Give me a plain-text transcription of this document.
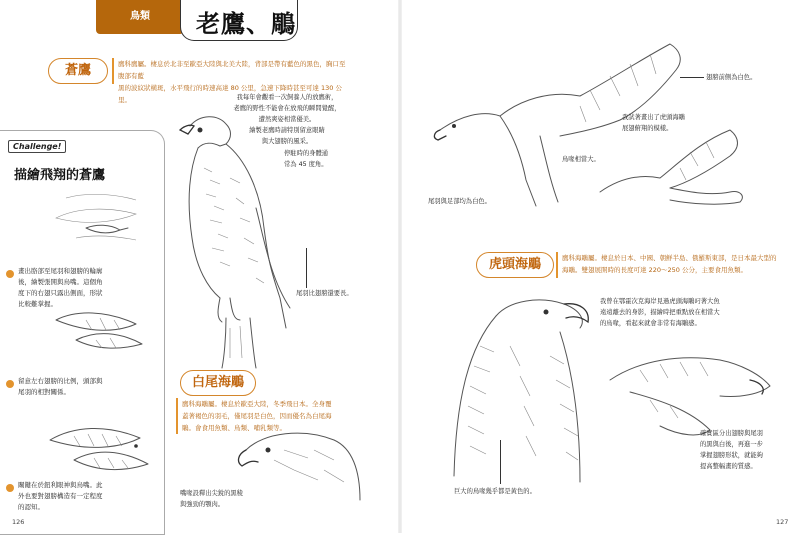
鳥類	老鷹、鵰
蒼鷹	鷹科鷹屬。棲息於北非至歐亞大陸與北美大陸，背部是帶有藍色的黑色，胸口至腹部有藍
黑的波紋狀橫斑，水平飛行的時速高達 80 公里，急速下降時甚至可達 130 公里。	我每年會觀看一次飼養人的放鷹術，
老鷹的野性不能會在放飛的瞬間覺醒，
遭然爽姿相當優美。
繪製老鷹時請特別留意眼睛
與大翅膀的風采。
停駐時的身體通
常為 45 度角。
尾羽比翅膀還要長。
Challenge!
描繪飛翔的蒼鷹
畫出胳部至尾羽和翅膀的輪廓
後，繪製張開與鳥嘴。這個角
度下的右翅只露出側面，形狀
比較難掌握。
留意左右翅膀的比例，頭部與
尾羽的相對關係。
關鍵在於鈕利眼神與鳥嘴。此
外也要對翅膀構造有一定程度
的認知。
白尾海鵰
鷹科海鵰屬。棲息於歐亞大陸，冬季飛日本。全身覆
蓋著褐色的羽毛，僅尾羽是白色，因而優名為白尾海
鵰。會食用魚類、鳥類、哺乳類等。
嘴喙設釋出尖銳的黑稜
與強勁的顎肉。
126
翅膀前側為白色。
我試著畫出了虎頭海鵰
展翅俯翔的模樣。
鳥喙相當大。
尾羽與足部均為白色。
虎頭海鵰	鷹科海鵰屬。棲息於日本、中國、朝鮮半島、俄羅斯東部，是日本最大型的
海鵰。雙翅展開時的長度可達 220～250 公分，主要食用魚類。
我曾在鄂霍次克海岸見過虎頭海鵰叼著大魚
遠遠離去的身影，描繪時把重點放在相當大
的鳥喙，看起來就會非常有海鵰感。
巨大的鳥喙幾乎都是黃色的。
確實區分出翅膀與尾羽
的黑與白後，再進一步
掌握翅膀形狀，就能夠
提高整幅畫的質感。
127
